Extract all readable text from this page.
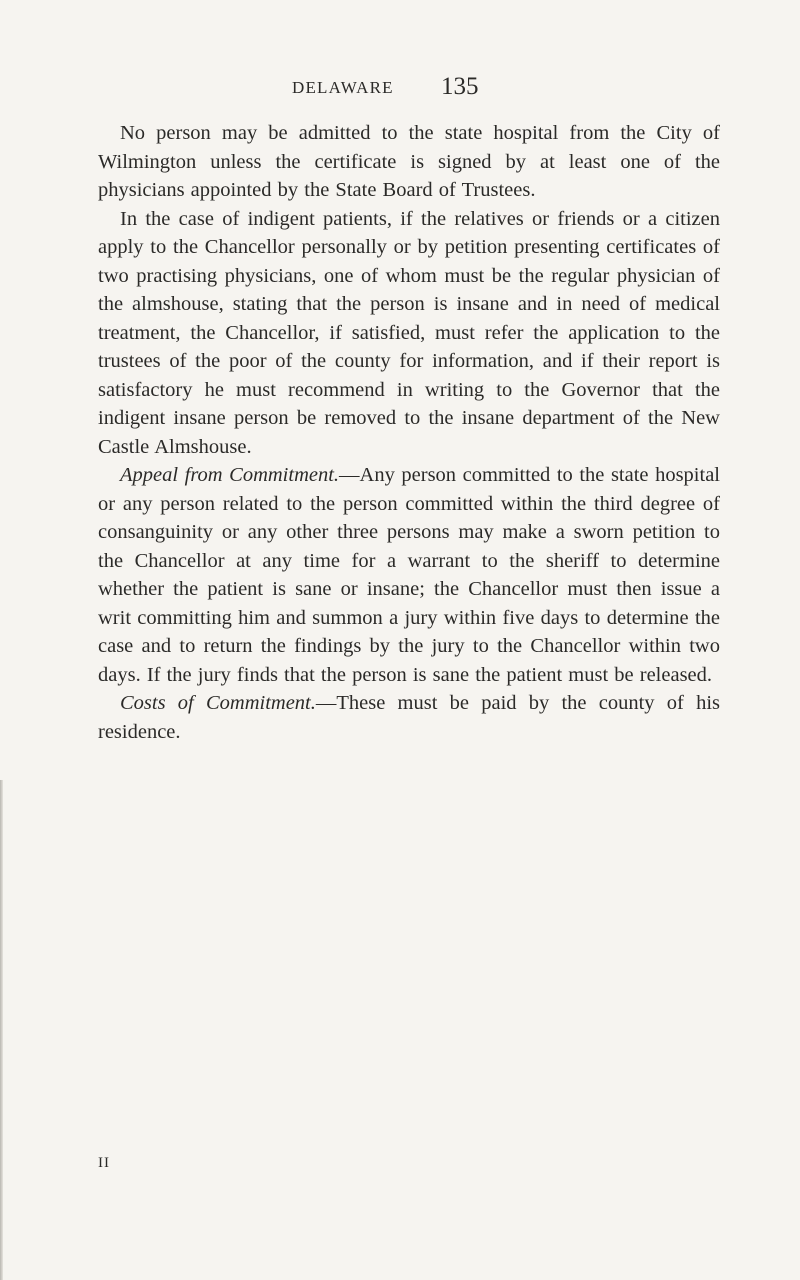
DELAWARE 135

No person may be admitted to the state hospital from the City of Wilmington unless the certificate is signed by at least one of the physicians appointed by the State Board of Trustees.

In the case of indigent patients, if the relatives or friends or a citizen apply to the Chancellor personally or by petition presenting certificates of two practising physicians, one of whom must be the regular physician of the almshouse, stating that the person is insane and in need of medical treatment, the Chancellor, if satisfied, must refer the application to the trustees of the poor of the county for information, and if their report is satisfactory he must recommend in writing to the Governor that the indigent insane person be removed to the insane department of the New Castle Almshouse.

Appeal from Commitment.—Any person committed to the state hospital or any person related to the person committed within the third degree of consanguinity or any other three persons may make a sworn petition to the Chancellor at any time for a warrant to the sheriff to determine whether the patient is sane or insane; the Chancellor must then issue a writ committing him and summon a jury within five days to determine the case and to return the findings by the jury to the Chancellor within two days. If the jury finds that the person is sane the patient must be released.

Costs of Commitment.—These must be paid by the county of his residence.

II
